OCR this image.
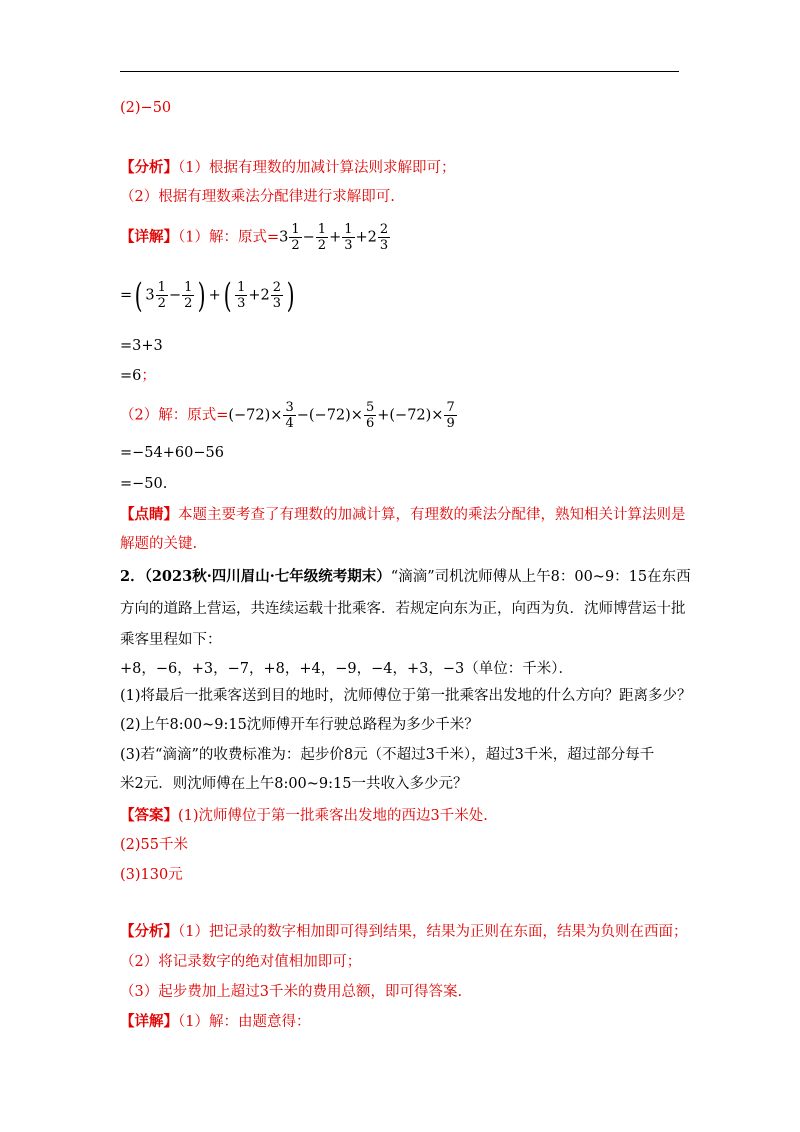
(2)−50
【分析】（1）根据有理数的加减计算法则求解即可；
（2）根据有理数乘法分配律进行求解即可.
【详解】（1）解：原式$=3 \frac{1}{2} - \frac{1}{2} + \frac{1}{3} +2 \frac{2}{3}$
=( $3 \frac{1}{2} - \frac{1}{2}$ ) +( $\frac{1}{3} +2 \frac{2}{3}$ )
=3+3
=6；
（2）解：原式$=(-72)\times \frac{3}{4} -(-72)\times \frac{5}{6} +(-72)\times \frac{7}{9}$
=−54+60−56
=−50.
【点睛】本题主要考查了有理数的加减计算，有理数的乘法分配律，熟知相关计算法则是
解题的关键.
2．（2023秋·四川眉山·七年级统考期末）“滴滴”司机沈师傅从上午8：00~9：15在东西
方向的道路上营运，共连续运载十批乘客．若规定向东为正，向西为负．沈师博营运十批
乘客里程如下：
+8，−6，+3，−7，+8，+4，−9，−4，+3，−3（单位：千米）．
(1)将最后一批乘客送到目的地时，沈师傅位于第一批乘客出发地的什么方向？距离多少？
(2)上午8:00~9:15沈师傅开车行驶总路程为多少千米？
(3)若“滴滴”的收费标准为：起步价8元（不超过3千米），超过3千米，超过部分每千
米2元．则沈师傅在上午8:00~9:15一共收入多少元？
【答案】(1)沈师傅位于第一批乘客出发地的西边3千米处.
(2)55千米
(3)130元
【分析】（1）把记录的数字相加即可得到结果，结果为正则在东面，结果为负则在西面；
（2）将记录数字的绝对值相加即可；
（3）起步费加上超过3千米的费用总额，即可得答案.
【详解】（1）解：由题意得：
